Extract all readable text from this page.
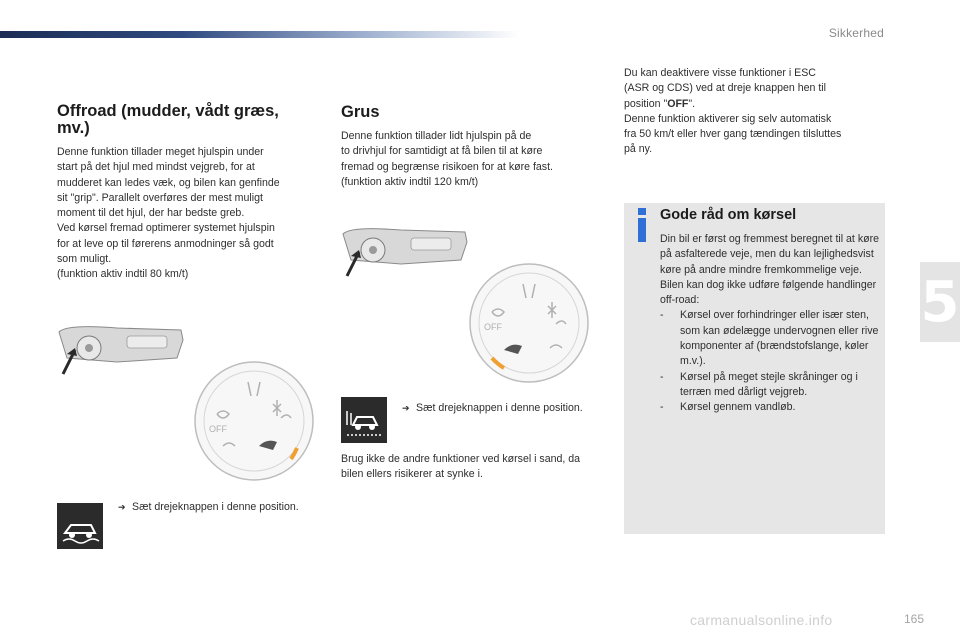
Sikkerhed
5
Offroad (mudder, vådt græs, mv.)

Denne funktion tillader meget hjulspin under
start på det hjul med mindst vejgreb, for at
mudderet kan ledes væk, og bilen kan genfinde
sit "grip". Parallelt overføres der mest muligt
moment til det hjul, der har bedste greb.
Ved kørsel fremad optimerer systemet hjulspin
for at leve op til førerens anmodninger så godt
som muligt.
(funktion aktiv indtil 80 km/t)

OFF
➔ Sæt drejeknappen i denne position.
Grus

Denne funktion tillader lidt hjulspin på de
to drivhjul for samtidigt at få bilen til at køre
fremad og begrænse risikoen for at køre fast.
(funktion aktiv indtil 120 km/t)

OFF
➔ Sæt drejeknappen i denne position.

Brug ikke de andre funktioner ved kørsel i sand, da bilen ellers risikerer at synke i.

Du kan deaktivere visse funktioner i ESC
(ASR og CDS) ved at dreje knappen hen til
position "OFF".
Denne funktion aktiverer sig selv automatisk
fra 50 km/t eller hver gang tændingen tilsluttes
på ny.

Gode råd om kørsel

Din bil er først og fremmest beregnet til at køre på asfalterede veje, men du kan lejlighedsvist køre på andre mindre fremkommelige veje.

Bilen kan dog ikke udføre følgende handlinger off-road:

-	Kørsel over forhindringer eller især sten, som kan ødelægge undervognen eller rive komponenter af (brændstofslange, køler m.v.).
-	Kørsel på meget stejle skråninger og i terræn med dårligt vejgreb.
-	Kørsel gennem vandløb.
carmanualsonline.info	165
